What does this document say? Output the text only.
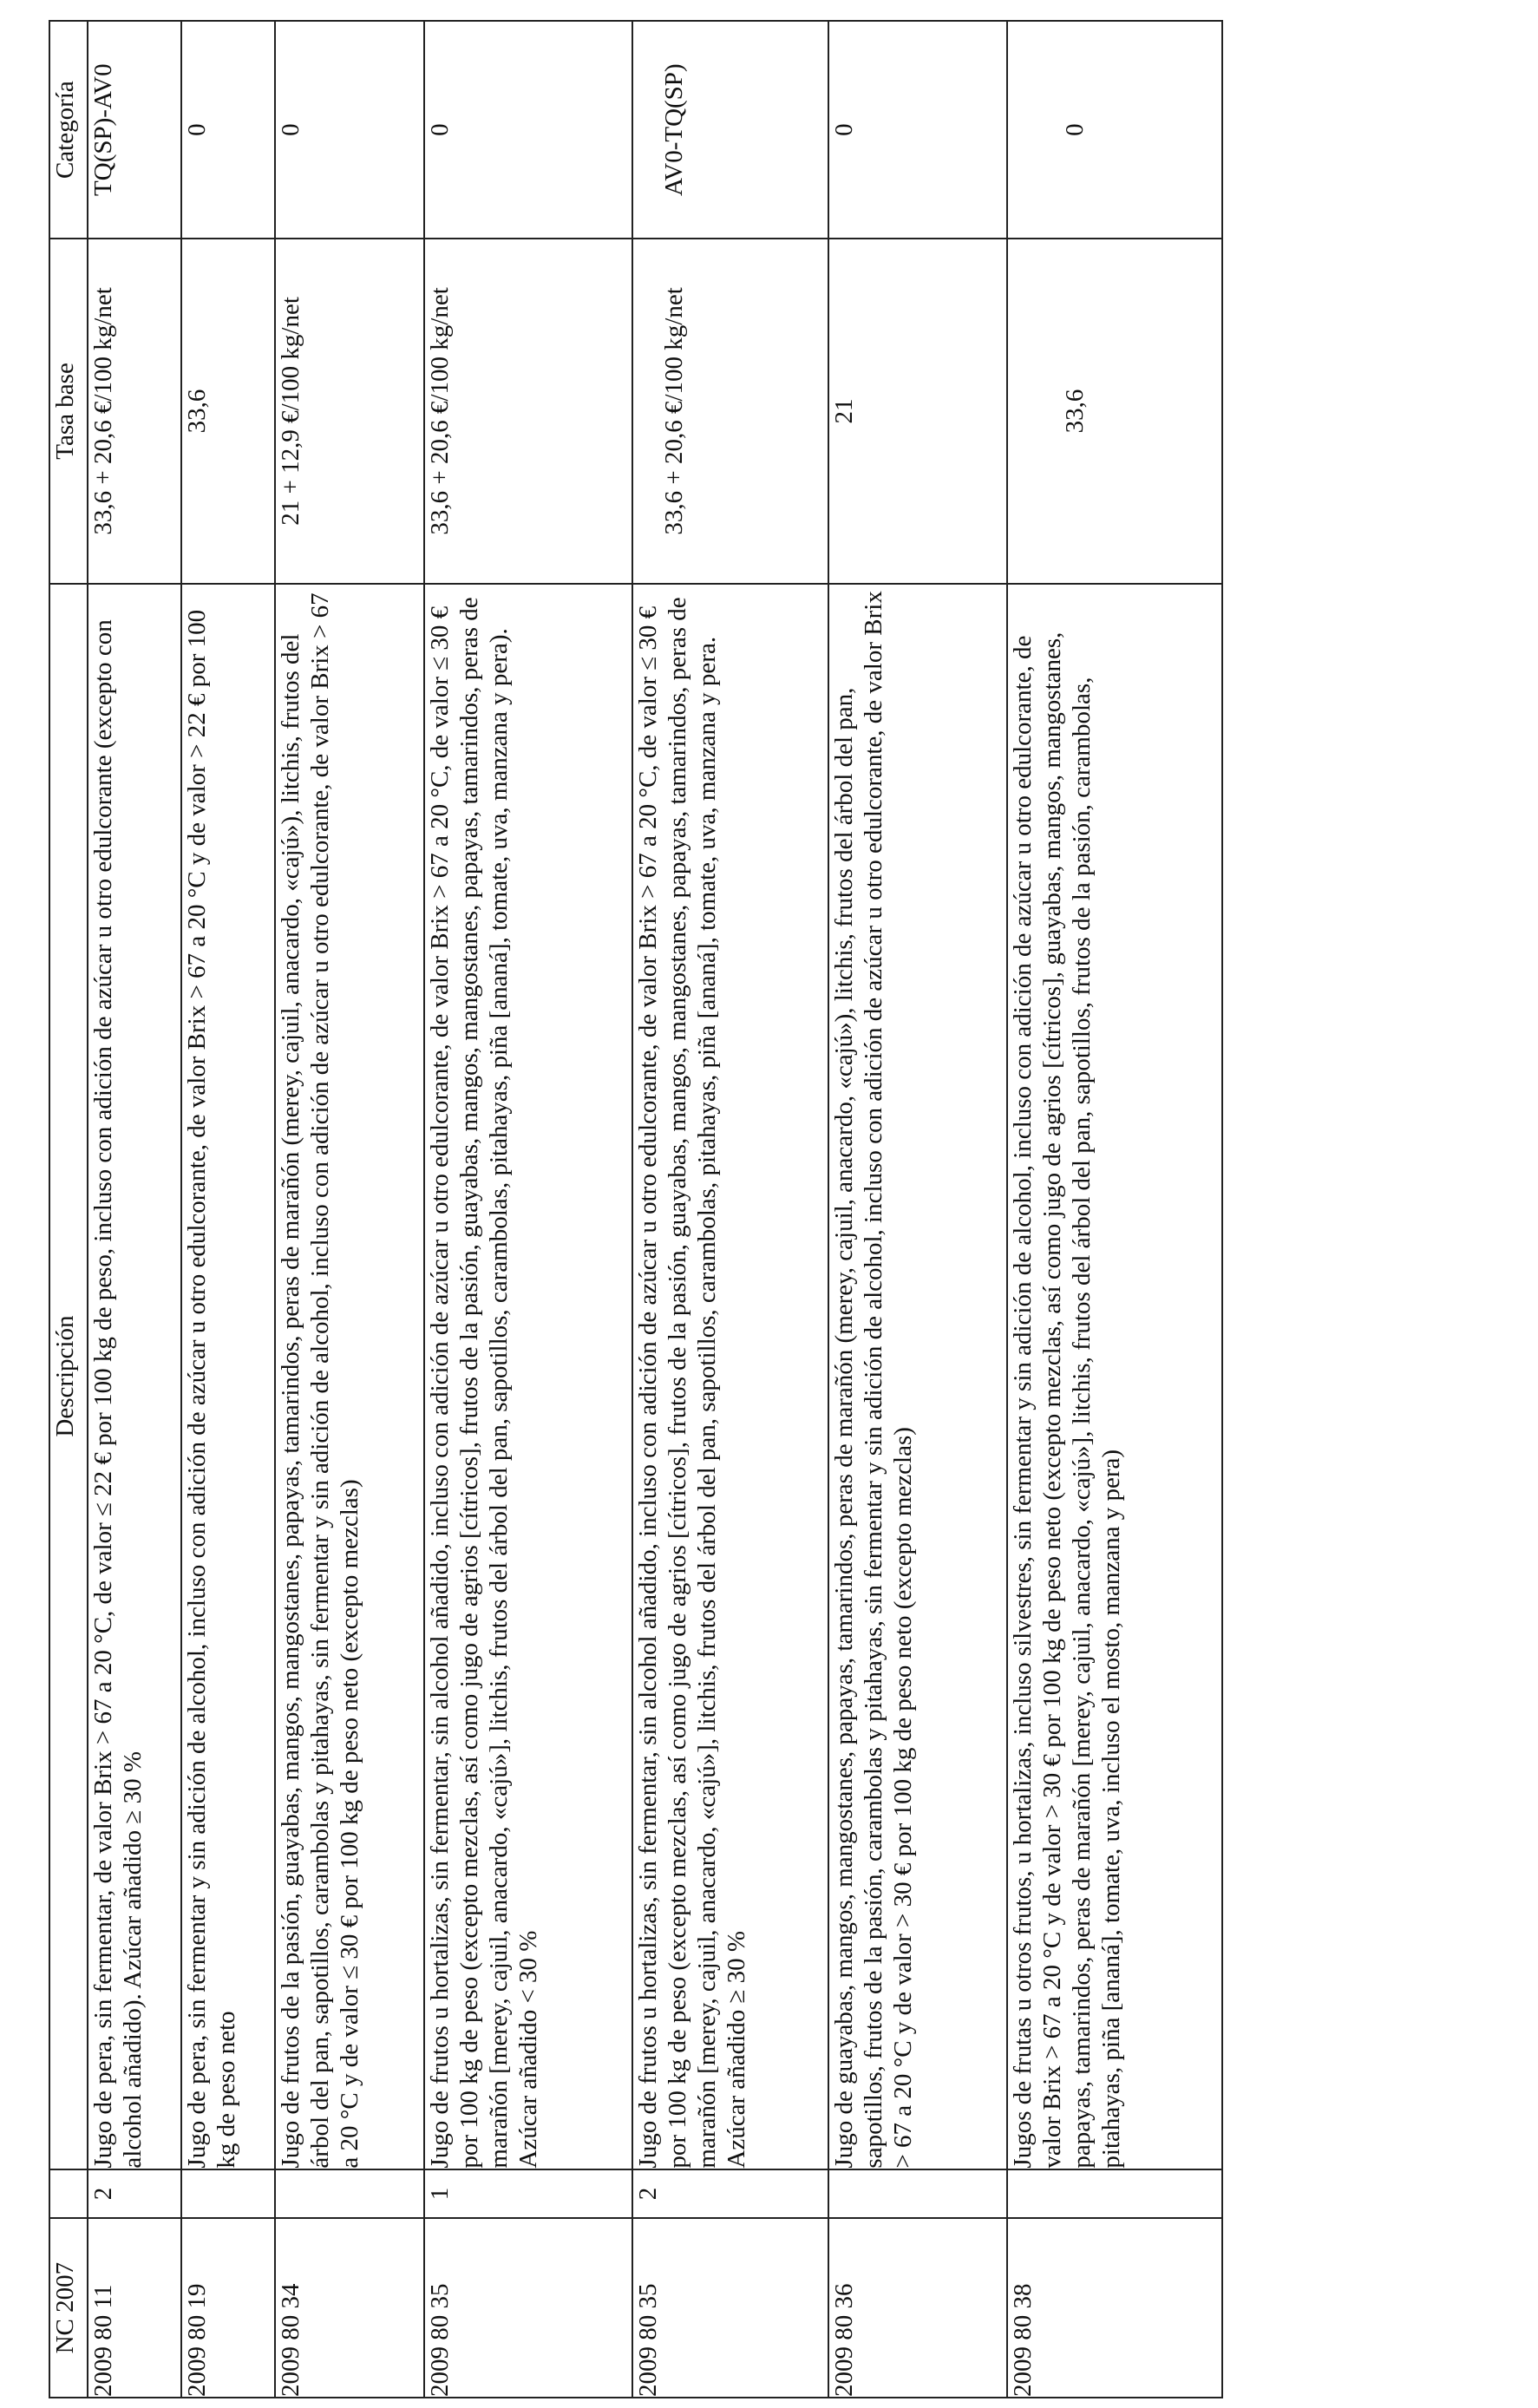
NC 2007		Descripción	Tasa base	Categoría
2009 80 11	2	Jugo de pera, sin fermentar, de valor Brix > 67 a 20 °C, de valor ≤ 22 € por 100 kg de peso, incluso con adición de azúcar u otro edulcorante (excepto con alcohol añadido). Azúcar añadido ≥ 30 %	33,6 + 20,6 €/100 kg/net	TQ(SP)-AV0
2009 80 19		Jugo de pera, sin fermentar y sin adición de alcohol, incluso con adición de azúcar u otro edulcorante, de valor Brix > 67 a 20 °C y de valor > 22 € por 100 kg de peso neto	33,6	0
2009 80 34		Jugo de frutos de la pasión, guayabas, mangos, mangostanes, papayas, tamarindos, peras de marañón (merey, cajuil, anacardo, «cajú»), litchis, frutos del árbol del pan, sapotillos, carambolas y pitahayas, sin fermentar y sin adición de alcohol, incluso con adición de azúcar u otro edulcorante, de valor Brix > 67 a 20 °C y de valor ≤ 30 € por 100 kg de peso neto (excepto mezclas)	21 + 12,9 €/100 kg/net	0
2009 80 35	1	Jugo de frutos u hortalizas, sin fermentar, sin alcohol añadido, incluso con adición de azúcar u otro edulcorante, de valor Brix > 67 a 20 °C, de valor ≤ 30 € por 100 kg de peso (excepto mezclas, así como jugo de agrios [cítricos], frutos de la pasión, guayabas, mangos, mangostanes, papayas, tamarindos, peras de marañón [merey, cajuil, anacardo, «cajú»], litchis, frutos del árbol del pan, sapotillos, carambolas, pitahayas, piña [ananá], tomate, uva, manzana y pera). Azúcar añadido < 30 %	33,6 + 20,6 €/100 kg/net	0
2009 80 35	2	Jugo de frutos u hortalizas, sin fermentar, sin alcohol añadido, incluso con adición de azúcar u otro edulcorante, de valor Brix > 67 a 20 °C, de valor ≤ 30 € por 100 kg de peso (excepto mezclas, así como jugo de agrios [cítricos], frutos de la pasión, guayabas, mangos, mangostanes, papayas, tamarindos, peras de marañón [merey, cajuil, anacardo, «cajú»], litchis, frutos del árbol del pan, sapotillos, carambolas, pitahayas, piña [ananá], tomate, uva, manzana y pera. Azúcar añadido ≥ 30 %	33,6 + 20,6 €/100 kg/net	AV0-TQ(SP)
2009 80 36		Jugo de guayabas, mangos, mangostanes, papayas, tamarindos, peras de marañón (merey, cajuil, anacardo, «cajú»), litchis, frutos del árbol del pan, sapotillos, frutos de la pasión, carambolas y pitahayas, sin fermentar y sin adición de alcohol, incluso con adición de azúcar u otro edulcorante, de valor Brix > 67 a 20 °C y de valor > 30 € por 100 kg de peso neto (excepto mezclas)	21	0
2009 80 38		Jugos de frutas u otros frutos, u hortalizas, incluso silvestres, sin fermentar y sin adición de alcohol, incluso con adición de azúcar u otro edulcorante, de valor Brix > 67 a 20 °C y de valor > 30 € por 100 kg de peso neto (excepto mezclas, así como jugo de agrios [cítricos], guayabas, mangos, mangostanes, papayas, tamarindos, peras de marañón [merey, cajuil, anacardo, «cajú»], litchis, frutos del árbol del pan, sapotillos, frutos de la pasión, carambolas, pitahayas, piña [ananá], tomate, uva, incluso el mosto, manzana y pera)	33,6	0
